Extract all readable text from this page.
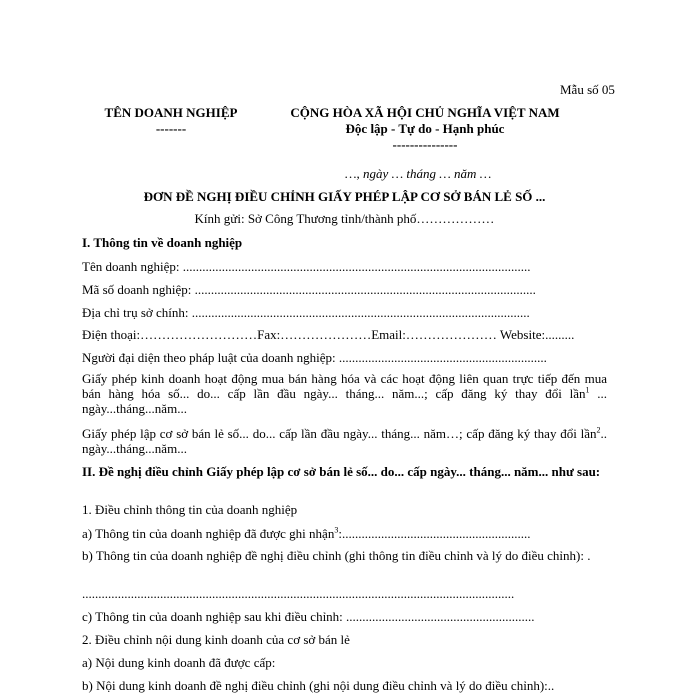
Mẫu số 05
TÊN DOANH NGHIỆP
-------
CỘNG HÒA XÃ HỘI CHỦ NGHĨA VIỆT NAM
Độc lập - Tự do - Hạnh phúc
---------------
…, ngày … tháng … năm …
ĐƠN ĐỀ NGHỊ ĐIỀU CHỈNH GIẤY PHÉP LẬP CƠ SỞ BÁN LẺ SỐ ...
Kính gửi: Sở Công Thương tỉnh/thành phố………………
I. Thông tin về doanh nghiệp
Tên doanh nghiệp: ...........................................................................................................
Mã số doanh nghiệp: .........................................................................................................
Địa chỉ trụ sở chính: ........................................................................................................
Điện thoại:………………………Fax:…………………Email:………………… Website:.........
Người đại diện theo pháp luật của doanh nghiệp: ................................................................
Giấy phép kinh doanh hoạt động mua bán hàng hóa và các hoạt động liên quan trực tiếp đến mua bán hàng hóa số... do... cấp lần đầu ngày... tháng... năm...; cấp đăng ký thay đổi lần$^1$ ... ngày...tháng...năm...
Giấy phép lập cơ sở bán lẻ số... do... cấp lần đầu ngày... tháng... năm…; cấp đăng ký thay đổi lần$^2$.. ngày...tháng...năm...
II. Đề nghị điều chỉnh Giấy phép lập cơ sở bán lẻ số... do... cấp ngày... tháng... năm... như sau:
1. Điều chỉnh thông tin của doanh nghiệp
a) Thông tin của doanh nghiệp đã được ghi nhận$^3$:..........................................................
b) Thông tin của doanh nghiệp đề nghị điều chỉnh (ghi thông tin điều chỉnh và lý do điều chỉnh): .
.....................................................................................................................................
c) Thông tin của doanh nghiệp sau khi điều chỉnh: ..........................................................
2. Điều chỉnh nội dung kinh doanh của cơ sở bán lẻ
a) Nội dung kinh doanh đã được cấp:
b) Nội dung kinh doanh đề nghị điều chỉnh (ghi nội dung điều chỉnh và lý do điều chỉnh):..
